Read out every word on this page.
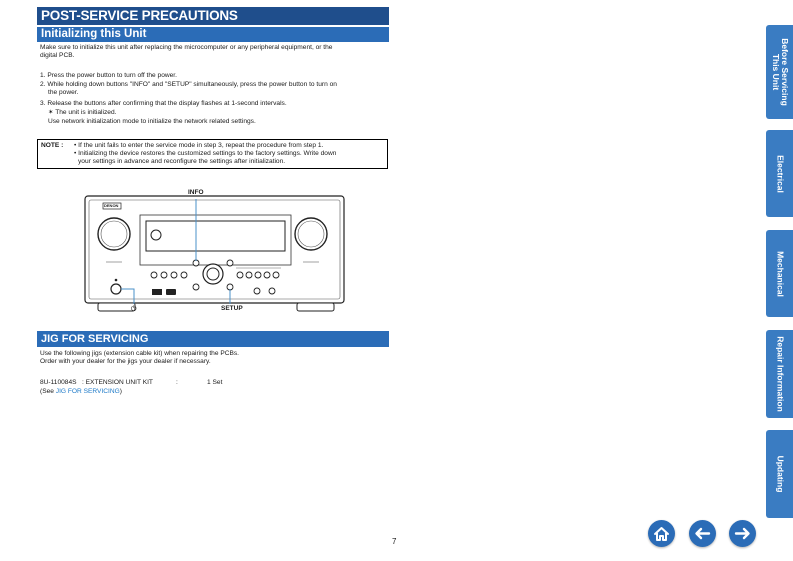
POST-SERVICE PRECAUTIONS
Initializing this Unit
Make sure to initialize this unit after replacing the microcomputer or any peripheral equipment, or the
digital PCB.
1. Press the power button to turn off the power.
2. While holding down buttons "INFO" and "SETUP" simultaneously, press the power button to turn on
the power.
3. Release the buttons after confirming that the display flashes at 1-second intervals.
✶ The unit is initialized.
Use network initialization mode to initialize the network related settings.
NOTE : • If the unit fails to enter the service mode in step 3, repeat the procedure from step 1.
• Initializing the device restores the customized settings to the factory settings. Write down
your settings in advance and reconfigure the settings after initialization.
INFO
SETUP
DENON
⏻
JIG FOR SERVICING
Use the following jigs (extension cable kit) when repairing the PCBs.
Order with your dealer for the jigs your dealer if necessary.
8U-110084S : EXTENSION UNIT KIT	:	1 Set
(See JIG FOR SERVICING)
Before Servicing This Unit
Electrical
Mechanical
Repair Information
Updating
7
